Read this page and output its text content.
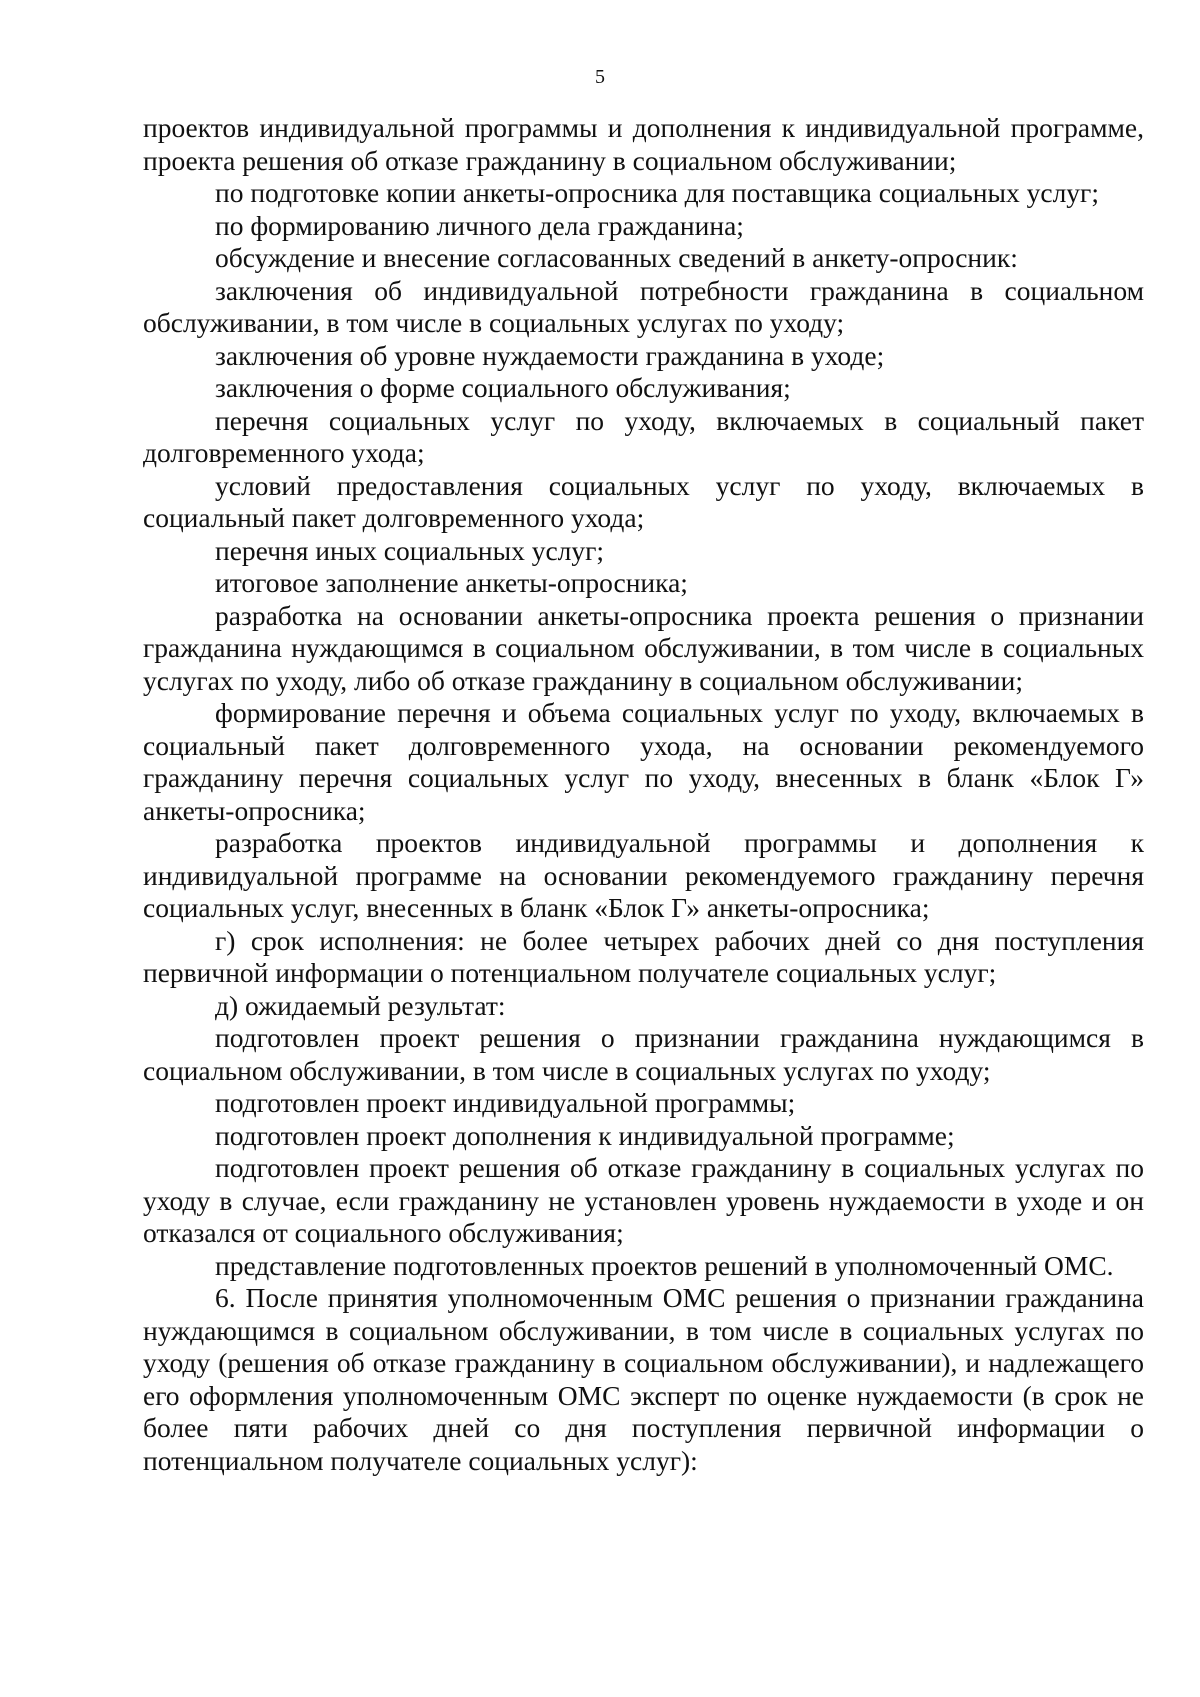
5

проектов индивидуальной программы и дополнения к индивидуальной программе, проекта решения об отказе гражданину в социальном обслуживании;

по подготовке копии анкеты-опросника для поставщика социальных услуг;

по формированию личного дела гражданина;

обсуждение и внесение согласованных сведений в анкету-опросник:

заключения об индивидуальной потребности гражданина в социальном обслуживании, в том числе в социальных услугах по уходу;

заключения об уровне нуждаемости гражданина в уходе;

заключения о форме социального обслуживания;

перечня социальных услуг по уходу, включаемых в социальный пакет долговременного ухода;

условий предоставления социальных услуг по уходу, включаемых в социальный пакет долговременного ухода;

перечня иных социальных услуг;

итоговое заполнение анкеты-опросника;

разработка на основании анкеты-опросника проекта решения о признании гражданина нуждающимся в социальном обслуживании, в том числе в социальных услугах по уходу, либо об отказе гражданину в социальном обслуживании;

формирование перечня и объема социальных услуг по уходу, включаемых в социальный пакет долговременного ухода, на основании рекомендуемого гражданину перечня социальных услуг по уходу, внесенных в бланк «Блок Г» анкеты-опросника;

разработка проектов индивидуальной программы и дополнения к индивидуальной программе на основании рекомендуемого гражданину перечня социальных услуг, внесенных в бланк «Блок Г» анкеты-опросника;

г) срок исполнения: не более четырех рабочих дней со дня поступления первичной информации о потенциальном получателе социальных услуг;

д) ожидаемый результат:

подготовлен проект решения о признании гражданина нуждающимся в социальном обслуживании, в том числе в социальных услугах по уходу;

подготовлен проект индивидуальной программы;

подготовлен проект дополнения к индивидуальной программе;

подготовлен проект решения об отказе гражданину в социальных услугах по уходу в случае, если гражданину не установлен уровень нуждаемости в уходе и он отказался от социального обслуживания;

представление подготовленных проектов решений в уполномоченный ОМС.

6. После принятия уполномоченным ОМС решения о признании гражданина нуждающимся в социальном обслуживании, в том числе в социальных услугах по уходу (решения об отказе гражданину в социальном обслуживании), и надлежащего его оформления уполномоченным ОМС эксперт по оценке нуждаемости (в срок не более пяти рабочих дней со дня поступления первичной информации о потенциальном получателе социальных услуг):
